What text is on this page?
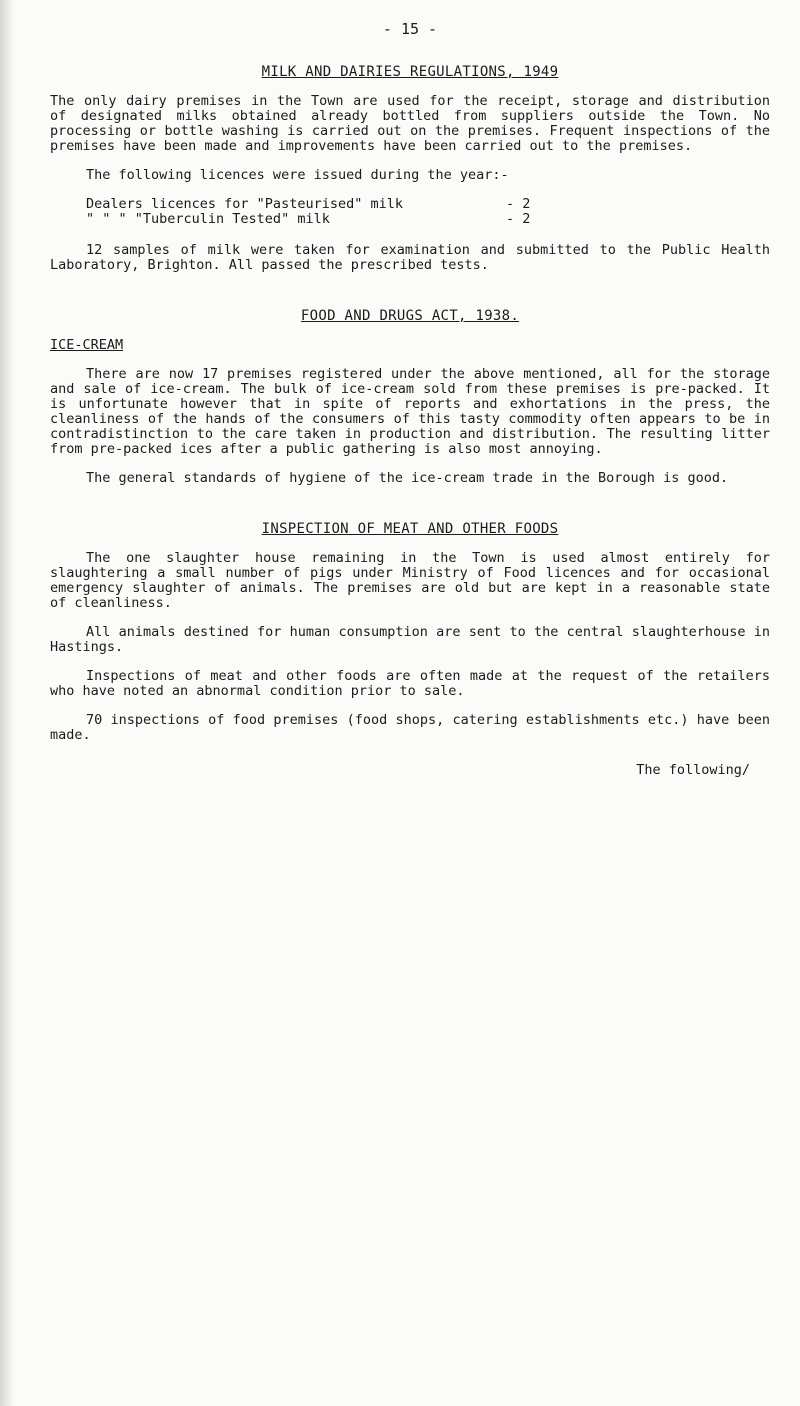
- 15 -
MILK AND DAIRIES REGULATIONS, 1949

The only dairy premises in the Town are used for the receipt, storage and distribution of designated milks obtained already bottled from suppliers outside the Town. No processing or bottle washing is carried out on the premises. Frequent inspections of the premises have been made and improvements have been carried out to the premises.

The following licences were issued during the year:-

Dealers licences for "Pasteurised" milk	- 2
" " " "Tuberculin Tested" milk	- 2

12 samples of milk were taken for examination and submitted to the Public Health Laboratory, Brighton. All passed the prescribed tests.

FOOD AND DRUGS ACT, 1938.
ICE-CREAM

There are now 17 premises registered under the above mentioned, all for the storage and sale of ice-cream. The bulk of ice-cream sold from these premises is pre-packed. It is unfortunate however that in spite of reports and exhortations in the press, the cleanliness of the hands of the consumers of this tasty commodity often appears to be in contradistinction to the care taken in production and distribution. The resulting litter from pre-packed ices after a public gathering is also most annoying.

The general standards of hygiene of the ice-cream trade in the Borough is good.

INSPECTION OF MEAT AND OTHER FOODS

The one slaughter house remaining in the Town is used almost entirely for slaughtering a small number of pigs under Ministry of Food licences and for occasional emergency slaughter of animals. The premises are old but are kept in a reasonable state of cleanliness.

All animals destined for human consumption are sent to the central slaughterhouse in Hastings.

Inspections of meat and other foods are often made at the request of the retailers who have noted an abnormal condition prior to sale.

70 inspections of food premises (food shops, catering establishments etc.) have been made.

The following/
